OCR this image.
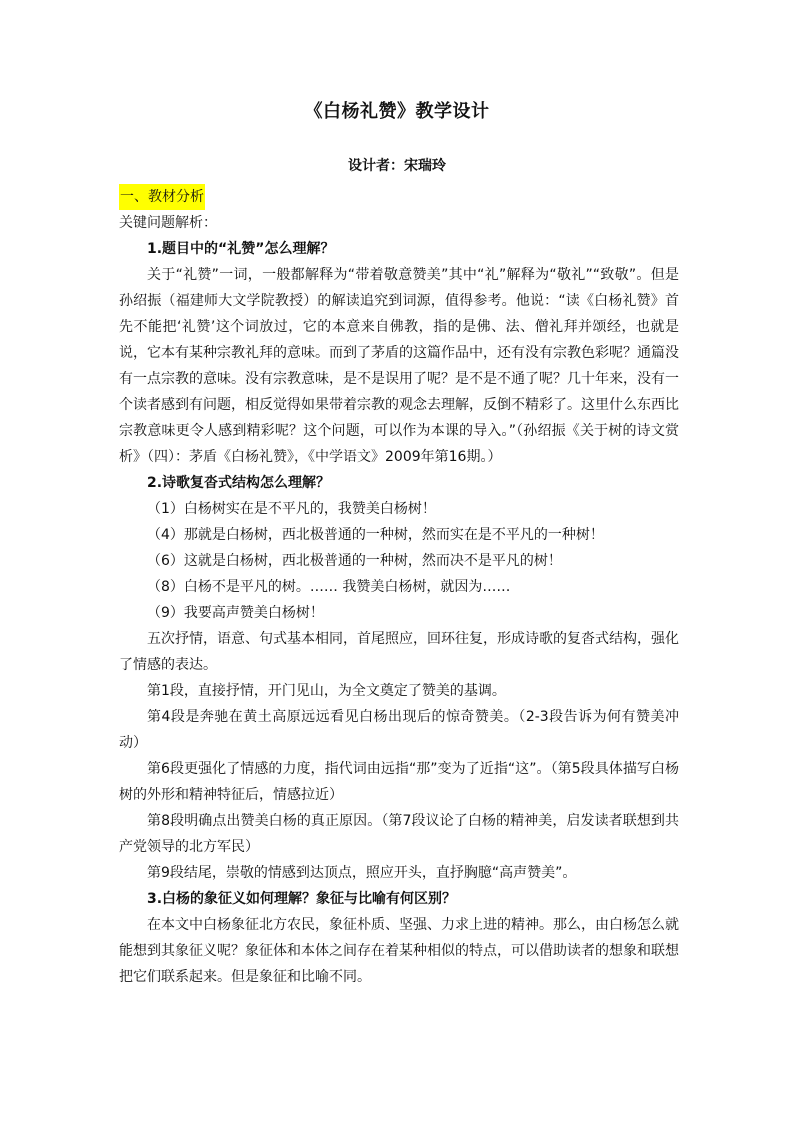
《白杨礼赞》教学设计
设计者：宋瑞玲

一、教材分析

关键问题解析：

1.题目中的“礼赞”怎么理解？

关于“礼赞”一词，一般都解释为“带着敬意赞美”其中“礼”解释为“敬礼”“致敬”。但是孙绍振（福建师大文学院教授）的解读追究到词源，值得参考。他说：“读《白杨礼赞》首先不能把‘礼赞’这个词放过，它的本意来自佛教，指的是佛、法、僧礼拜并颂经，也就是说，它本有某种宗教礼拜的意味。而到了茅盾的这篇作品中，还有没有宗教色彩呢？通篇没有一点宗教的意味。没有宗教意味，是不是误用了呢？是不是不通了呢？几十年来，没有一个读者感到有问题，相反觉得如果带着宗教的观念去理解，反倒不精彩了。这里什么东西比宗教意味更令人感到精彩呢？这个问题，可以作为本课的导入。”（孙绍振《关于树的诗文赏析》（四）：茅盾《白杨礼赞》，《中学语文》2009年第16期。）

2.诗歌复沓式结构怎么理解？

（1）白杨树实在是不平凡的，我赞美白杨树！

（4）那就是白杨树，西北极普通的一种树，然而实在是不平凡的一种树！

（6）这就是白杨树，西北极普通的一种树，然而决不是平凡的树！

（8）白杨不是平凡的树。…… 我赞美白杨树，就因为……

（9）我要高声赞美白杨树！

五次抒情，语意、句式基本相同，首尾照应，回环往复，形成诗歌的复沓式结构，强化了情感的表达。

第1段，直接抒情，开门见山，为全文奠定了赞美的基调。

第4段是奔驰在黄土高原远远看见白杨出现后的惊奇赞美。（2-3段告诉为何有赞美冲动）

第6段更强化了情感的力度，指代词由远指“那”变为了近指“这”。（第5段具体描写白杨树的外形和精神特征后，情感拉近）

第8段明确点出赞美白杨的真正原因。（第7段议论了白杨的精神美，启发读者联想到共产党领导的北方军民）

第9段结尾，崇敬的情感到达顶点，照应开头，直抒胸臆“高声赞美”。

3.白杨的象征义如何理解？象征与比喻有何区别？

在本文中白杨象征北方农民，象征朴质、坚强、力求上进的精神。那么，由白杨怎么就能想到其象征义呢？象征体和本体之间存在着某种相似的特点，可以借助读者的想象和联想把它们联系起来。但是象征和比喻不同。
